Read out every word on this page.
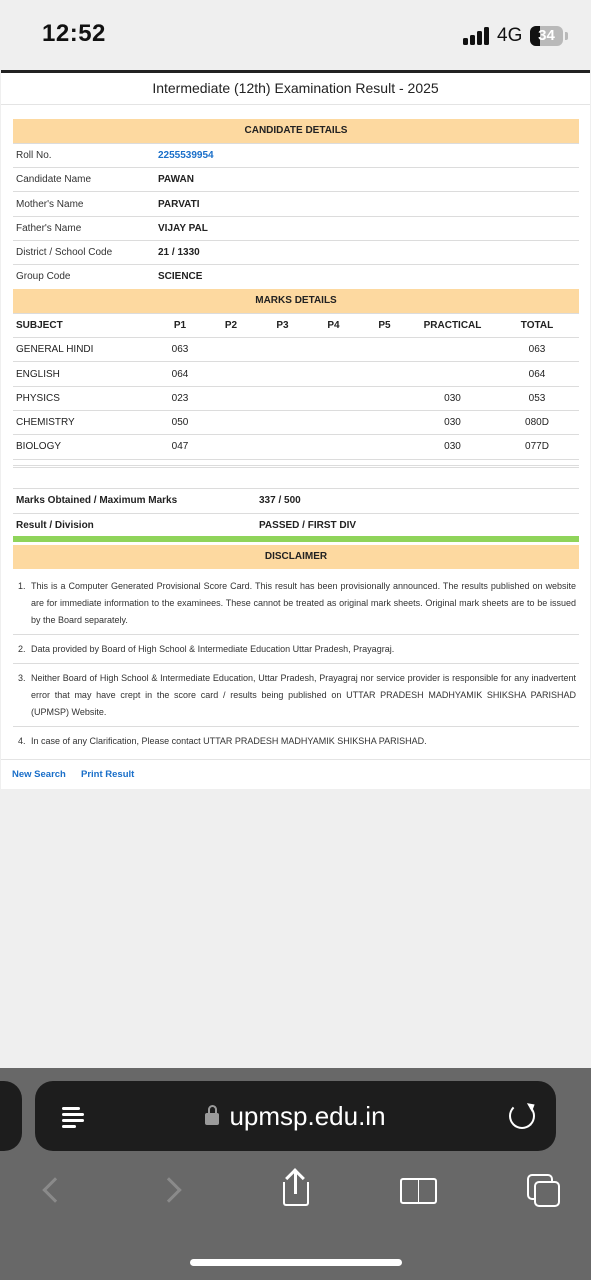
12:52	4G	34
Intermediate (12th) Examination Result - 2025
CANDIDATE DETAILS	
Roll No.	2255539954
Candidate Name	PAWAN
Mother's Name	PARVATI
Father's Name	VIJAY PAL
District / School Code	21 / 1330
Group Code	SCIENCE
MARKS DETAILS							
SUBJECT	P1	P2	P3	P4	P5	PRACTICAL	TOTAL
GENERAL HINDI	063						063
ENGLISH	064						064
PHYSICS	023					030	053
CHEMISTRY	050					030	080D
BIOLOGY	047					030	077D

Marks Obtained / Maximum Marks	337 / 500
Result / Division	PASSED / FIRST DIV
DISCLAIMER
1. This is a Computer Generated Provisional Score Card. This result has been provisionally announced. The results published on website are for immediate information to the examinees. These cannot be treated as original mark sheets. Original mark sheets are to be issued by the Board separately.
2. Data provided by Board of High School & Intermediate Education Uttar Pradesh, Prayagraj.
3. Neither Board of High School & Intermediate Education, Uttar Pradesh, Prayagraj nor service provider is responsible for any inadvertent error that may have crept in the score card / results being published on UTTAR PRADESH MADHYAMIK SHIKSHA PARISHAD (UPMSP) Website.
4. In case of any Clarification, Please contact UTTAR PRADESH MADHYAMIK SHIKSHA PARISHAD.
New Search Print Result
upmsp.edu.in
